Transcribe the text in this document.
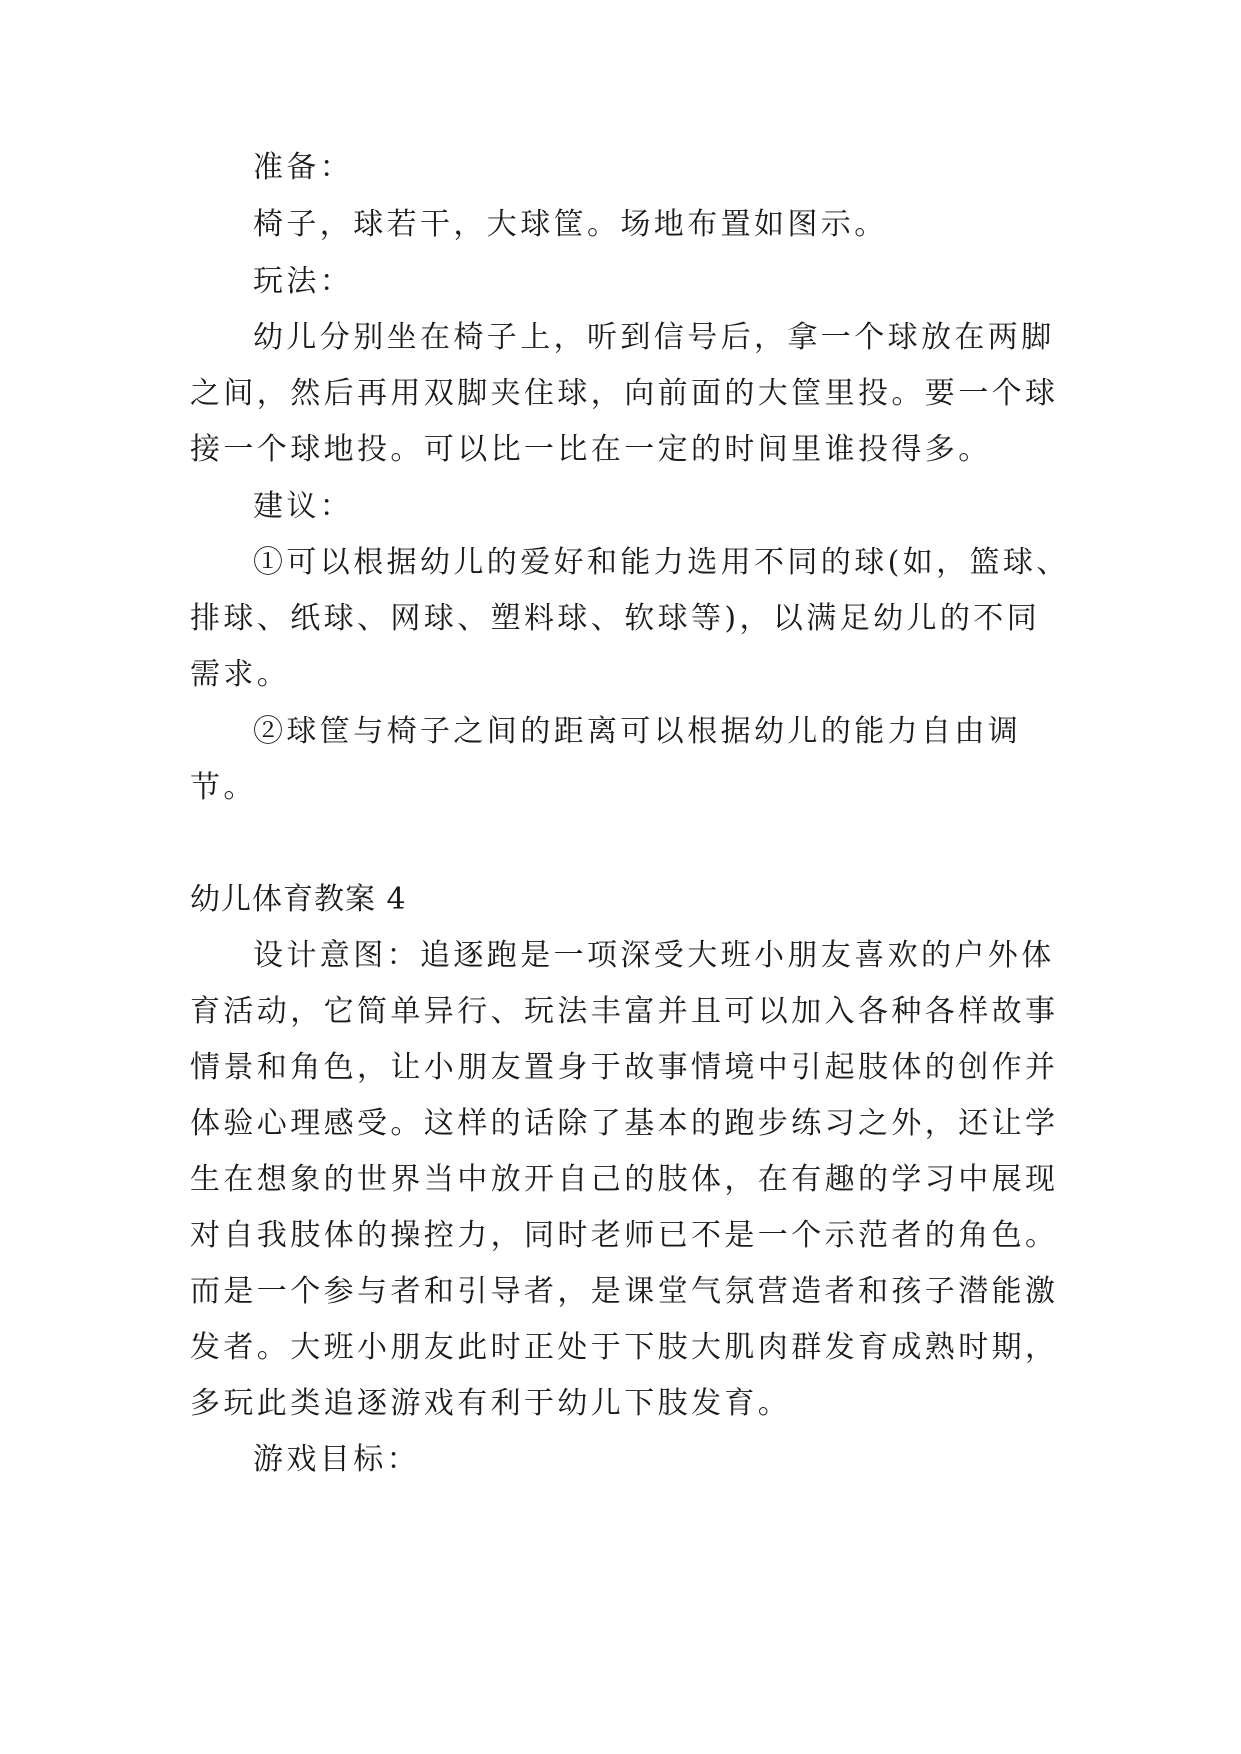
准备：
椅子，球若干，大球筐。场地布置如图示。
玩法：
幼儿分别坐在椅子上，听到信号后，拿一个球放在两脚
之间，然后再用双脚夹住球，向前面的大筐里投。要一个球
接一个球地投。可以比一比在一定的时间里谁投得多。
建议：
①可以根据幼儿的爱好和能力选用不同的球(如，篮球、
排球、纸球、网球、塑料球、软球等)，以满足幼儿的不同
需求。
②球筐与椅子之间的距离可以根据幼儿的能力自由调
节。
幼儿体育教案 4
设计意图：追逐跑是一项深受大班小朋友喜欢的户外体
育活动，它简单异行、玩法丰富并且可以加入各种各样故事
情景和角色，让小朋友置身于故事情境中引起肢体的创作并
体验心理感受。这样的话除了基本的跑步练习之外，还让学
生在想象的世界当中放开自己的肢体，在有趣的学习中展现
对自我肢体的操控力，同时老师已不是一个示范者的角色。
而是一个参与者和引导者，是课堂气氛营造者和孩子潜能激
发者。大班小朋友此时正处于下肢大肌肉群发育成熟时期，
多玩此类追逐游戏有利于幼儿下肢发育。
游戏目标：
